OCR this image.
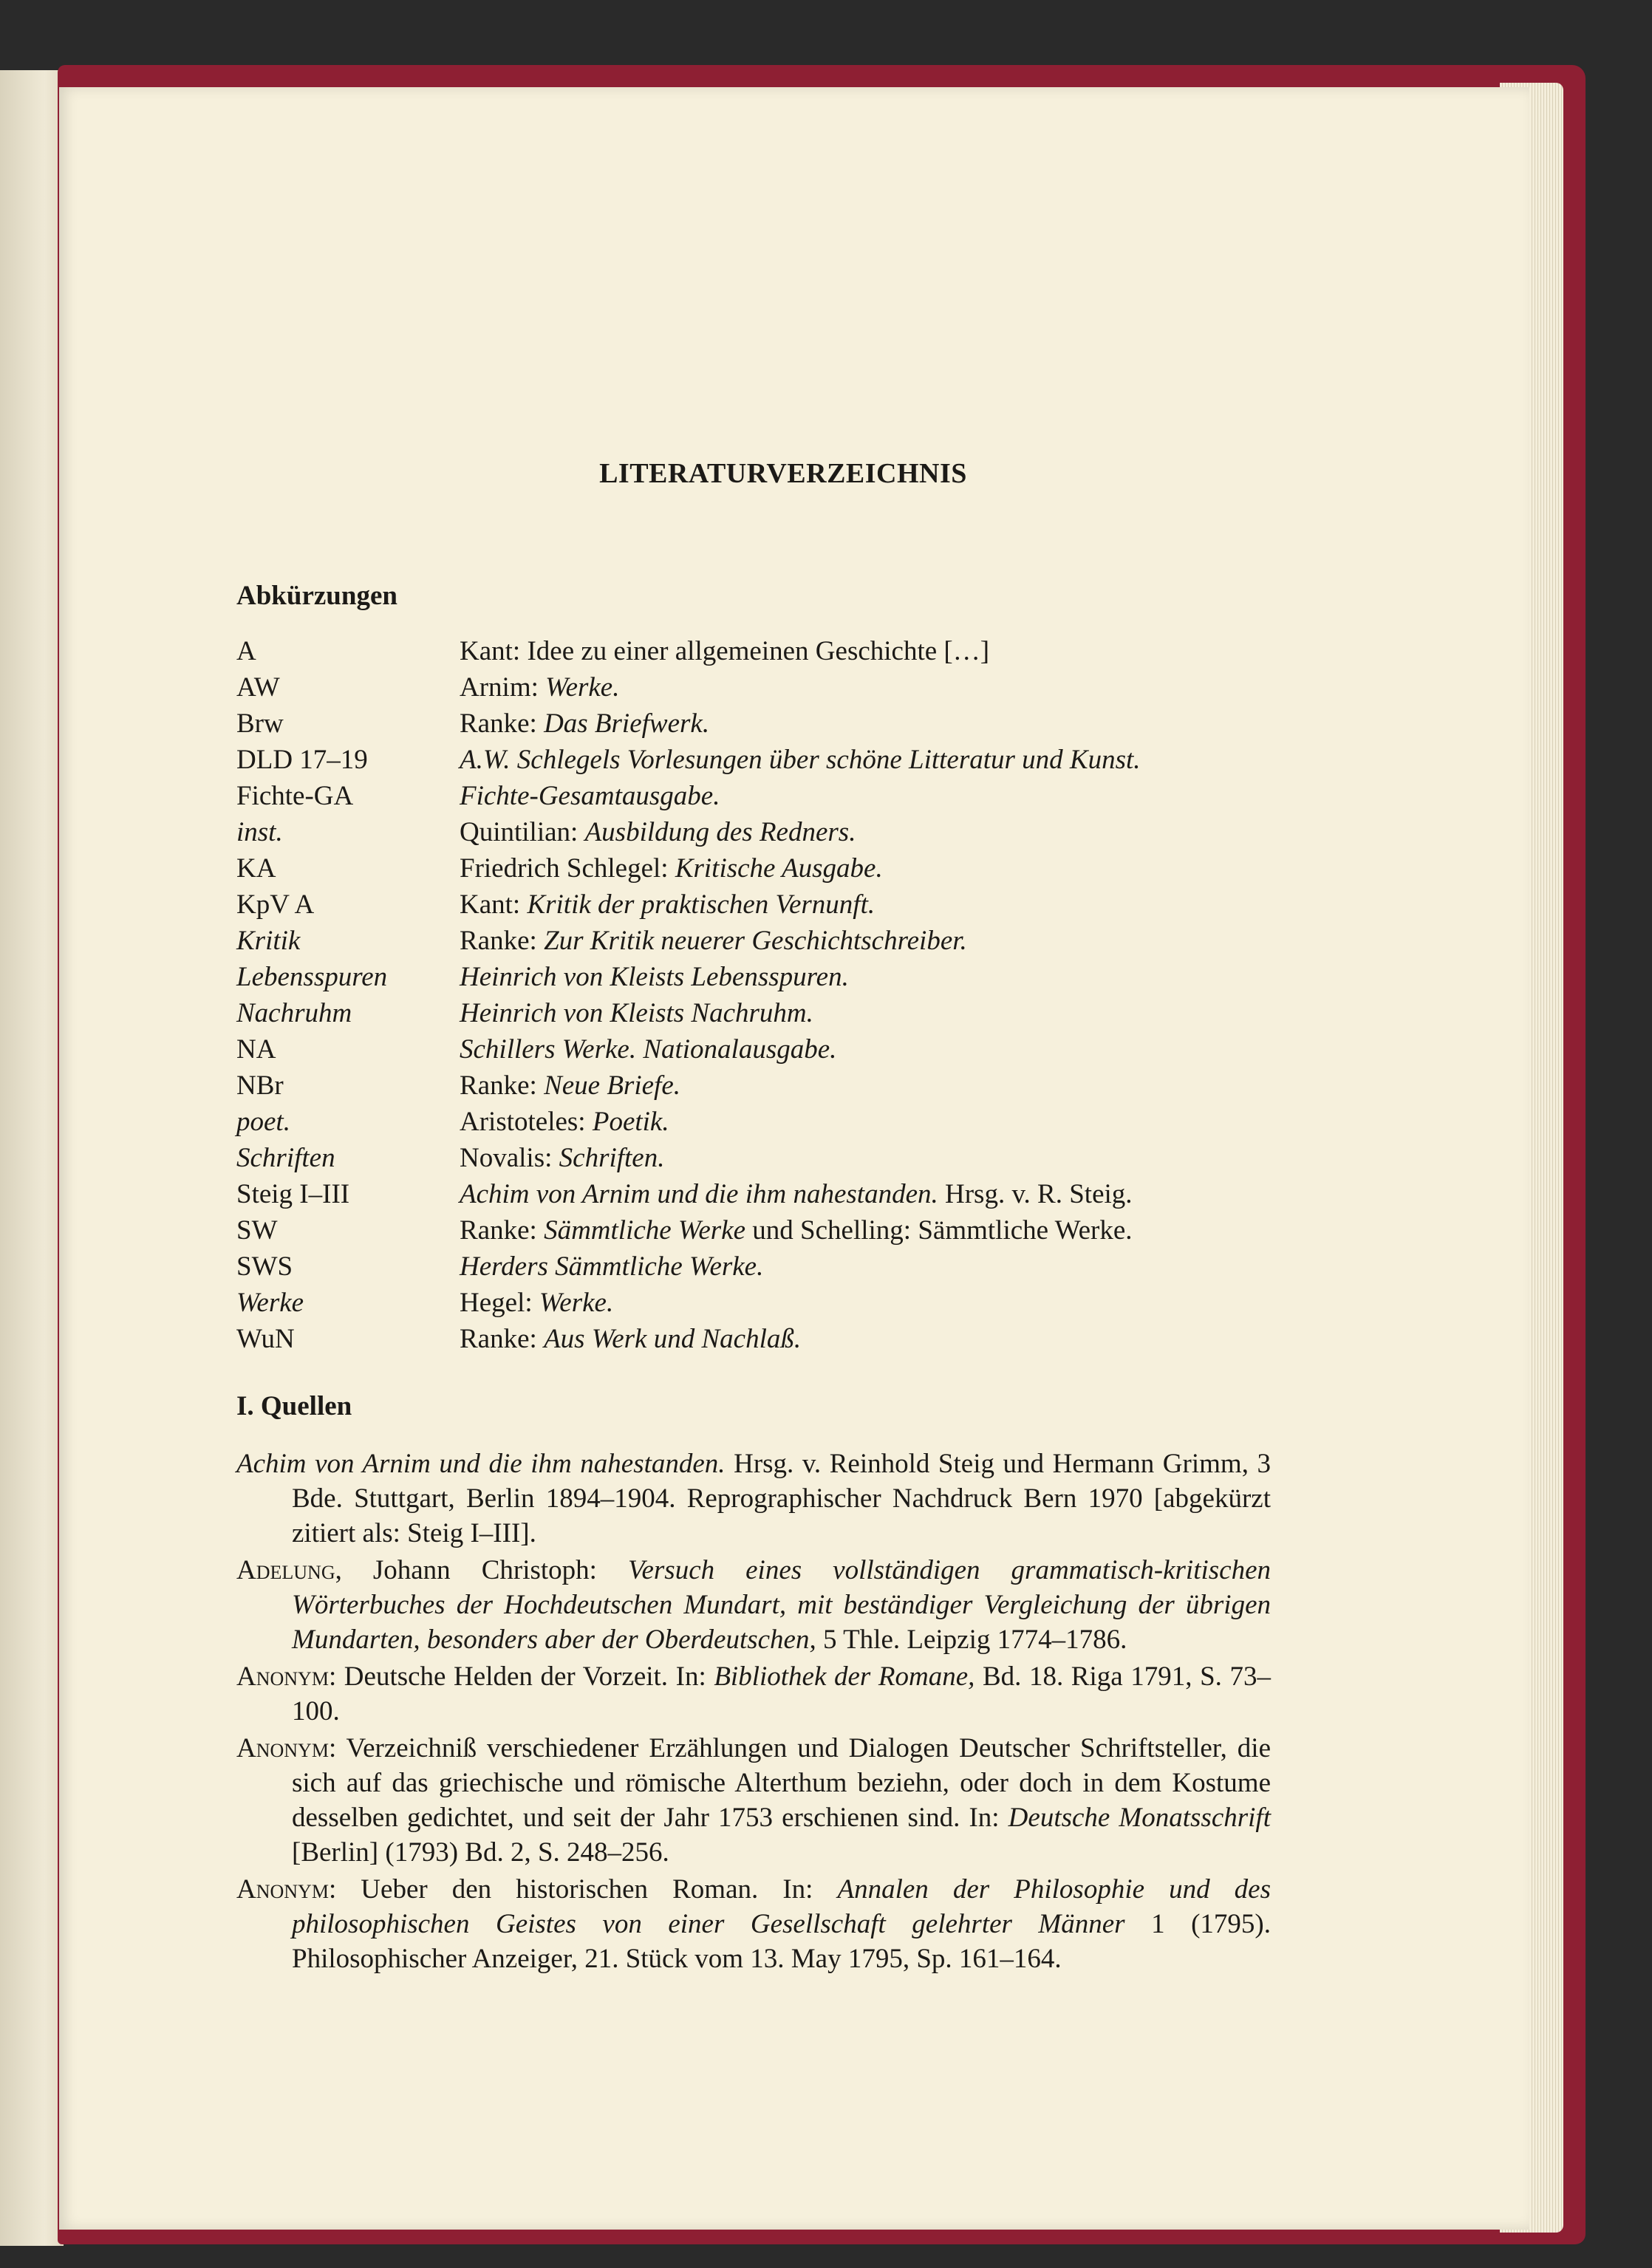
LITERATURVERZEICHNIS
Abkürzungen
A	Kant: Idee zu einer allgemeinen Geschichte […]
AW	Arnim: Werke.
Brw	Ranke: Das Briefwerk.
DLD 17–19	A.W. Schlegels Vorlesungen über schöne Litteratur und Kunst.
Fichte-GA	Fichte-Gesamtausgabe.
inst.	Quintilian: Ausbildung des Redners.
KA	Friedrich Schlegel: Kritische Ausgabe.
KpV A	Kant: Kritik der praktischen Vernunft.
Kritik	Ranke: Zur Kritik neuerer Geschichtschreiber.
Lebensspuren	Heinrich von Kleists Lebensspuren.
Nachruhm	Heinrich von Kleists Nachruhm.
NA	Schillers Werke. Nationalausgabe.
NBr	Ranke: Neue Briefe.
poet.	Aristoteles: Poetik.
Schriften	Novalis: Schriften.
Steig I–III	Achim von Arnim und die ihm nahestanden. Hrsg. v. R. Steig.
SW	Ranke: Sämmtliche Werke und Schelling: Sämmtliche Werke.
SWS	Herders Sämmtliche Werke.
Werke	Hegel: Werke.
WuN	Ranke: Aus Werk und Nachlaß.
I. Quellen
Achim von Arnim und die ihm nahestanden. Hrsg. v. Reinhold Steig und Hermann Grimm, 3 Bde. Stuttgart, Berlin 1894–1904. Reprographischer Nachdruck Bern 1970 [abgekürzt zitiert als: Steig I–III].
Adelung, Johann Christoph: Versuch eines vollständigen grammatisch-kritischen Wörterbuches der Hochdeutschen Mundart, mit beständiger Vergleichung der übrigen Mundarten, besonders aber der Oberdeutschen, 5 Thle. Leipzig 1774–1786.
Anonym: Deutsche Helden der Vorzeit. In: Bibliothek der Romane, Bd. 18. Riga 1791, S. 73–100.
Anonym: Verzeichniß verschiedener Erzählungen und Dialogen Deutscher Schriftsteller, die sich auf das griechische und römische Alterthum beziehn, oder doch in dem Kostume desselben gedichtet, und seit der Jahr 1753 erschienen sind. In: Deutsche Monatsschrift [Berlin] (1793) Bd. 2, S. 248–256.
Anonym: Ueber den historischen Roman. In: Annalen der Philosophie und des philosophischen Geistes von einer Gesellschaft gelehrter Männer 1 (1795). Philosophischer Anzeiger, 21. Stück vom 13. May 1795, Sp. 161–164.
